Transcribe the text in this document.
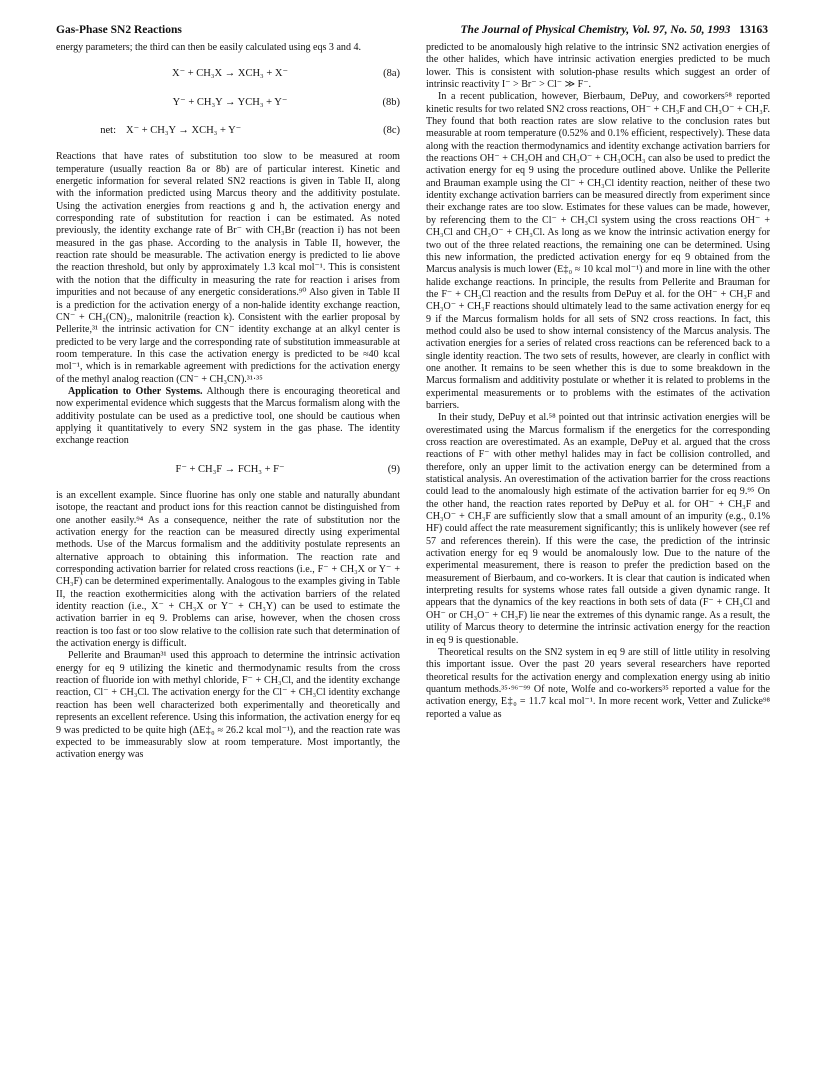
Gas-Phase SN2 Reactions	The Journal of Physical Chemistry, Vol. 97, No. 50, 1993 13163

energy parameters; the third can then be easily calculated using eqs 3 and 4.

X⁻ + CH₃X → XCH₃ + X⁻	(8a)
Y⁻ + CH₃Y → YCH₃ + Y⁻	(8b)
net: X⁻ + CH₃Y → XCH₃ + Y⁻	(8c)

Reactions that have rates of substitution too slow to be measured at room temperature (usually reaction 8a or 8b) are of particular interest. Kinetic and energetic information for several related SN2 reactions is given in Table II, along with the information predicted using Marcus theory and the additivity postulate. Using the activation energies from reactions g and h, the activation energy and corresponding rate of substitution for reaction i can be estimated. As noted previously, the identity exchange rate of Br⁻ with CH₃Br (reaction i) has not been measured in the gas phase. According to the analysis in Table II, however, the reaction rate should be measurable. The activation energy is predicted to lie above the reaction threshold, but only by approximately 1.3 kcal mol⁻¹. This is consistent with the notion that the difficulty in measuring the rate for reaction i arises from impurities and not because of any energetic considerations.⁹⁰ Also given in Table II is a prediction for the activation energy of a non-halide identity exchange reaction, CN⁻ + CH₂(CN)₂, malonitrile (reaction k). Consistent with the earlier proposal by Pellerite,³¹ the intrinsic activation for CN⁻ identity exchange at an alkyl center is predicted to be very large and the corresponding rate of substitution immeasurable at room temperature. In this case the activation energy is predicted to be ≈40 kcal mol⁻¹, which is in remarkable agreement with predictions for the activation energy of the methyl analog reaction (CN⁻ + CH₃CN).³¹·³⁵

Application to Other Systems. Although there is encouraging theoretical and now experimental evidence which suggests that the Marcus formalism along with the additivity postulate can be used as a predictive tool, one should be cautious when applying it quantitatively to every SN2 system in the gas phase. The identity exchange reaction

F⁻ + CH₃F → FCH₃ + F⁻	(9)

is an excellent example. Since fluorine has only one stable and naturally abundant isotope, the reactant and product ions for this reaction cannot be distinguished from one another easily.⁹⁴ As a consequence, neither the rate of substitution nor the activation energy for the reaction can be measured directly using experimental methods. Use of the Marcus formalism and the additivity postulate represents an alternative approach to obtaining this information. The reaction rate and corresponding activation barrier for related cross reactions (i.e., F⁻ + CH₃X or Y⁻ + CH₃F) can be determined experimentally. Analogous to the examples giving in Table II, the reaction exothermicities along with the activation barriers of the related identity reaction (i.e., X⁻ + CH₃X or Y⁻ + CH₃Y) can be used to estimate the activation barrier in eq 9. Problems can arise, however, when the chosen cross reaction is too fast or too slow relative to the collision rate such that determination of the activation energy is difficult.

Pellerite and Brauman³¹ used this approach to determine the intrinsic activation energy for eq 9 utilizing the kinetic and thermodynamic results from the cross reaction of fluoride ion with methyl chloride, F⁻ + CH₃Cl, and the identity exchange reaction, Cl⁻ + CH₃Cl. The activation energy for the Cl⁻ + CH₃Cl identity exchange reaction has been well characterized both experimentally and theoretically and represents an excellent reference. Using this information, the activation energy for eq 9 was predicted to be quite high (ΔE‡₀ ≈ 26.2 kcal mol⁻¹), and the reaction rate was expected to be immeasurably slow at room temperature. Most importantly, the activation energy was

predicted to be anomalously high relative to the intrinsic SN2 activation energies of the other halides, which have intrinsic activation energies predicted to be much lower. This is consistent with solution-phase results which suggest an order of intrinsic reactivity I⁻ > Br⁻ > Cl⁻ ≫ F⁻.

In a recent publication, however, Bierbaum, DePuy, and coworkers⁵⁸ reported kinetic results for two related SN2 cross reactions, OH⁻ + CH₃F and CH₃O⁻ + CH₃F. They found that both reaction rates are slow relative to the conclusion rates but measurable at room temperature (0.52% and 0.1% efficient, respectively). These data along with the reaction thermodynamics and identity exchange activation barriers for the reactions OH⁻ + CH₃OH and CH₃O⁻ + CH₃OCH₃ can also be used to predict the activation energy for eq 9 using the procedure outlined above. Unlike the Pellerite and Brauman example using the Cl⁻ + CH₃Cl identity reaction, neither of these two identity exchange activation barriers can be measured directly from experiment since their exchange rates are too slow. Estimates for these values can be made, however, by referencing them to the Cl⁻ + CH₃Cl system using the cross reactions OH⁻ + CH₃Cl and CH₃O⁻ + CH₃Cl. As long as we know the intrinsic activation energy for two out of the three related reactions, the remaining one can be determined. Using this new information, the predicted activation energy for eq 9 obtained from the Marcus analysis is much lower (E‡₀ ≈ 10 kcal mol⁻¹) and more in line with the other halide exchange reactions. In principle, the results from Pellerite and Brauman for the F⁻ + CH₃Cl reaction and the results from DePuy et al. for the OH⁻ + CH₃F and CH₃O⁻ + CH₃F reactions should ultimately lead to the same activation energy for eq 9 if the Marcus formalism holds for all sets of SN2 cross reactions. In fact, this method could also be used to show internal consistency of the Marcus analysis. The activation energies for a series of related cross reactions can be referenced back to a single identity reaction. The two sets of results, however, are clearly in conflict with one another. It remains to be seen whether this is due to some breakdown in the Marcus formalism and additivity postulate or whether it is related to problems in the experimental measurements or to problems with the estimates of the activation barriers.

In their study, DePuy et al.⁵⁸ pointed out that intrinsic activation energies will be overestimated using the Marcus formalism if the energetics for the corresponding cross reaction are overestimated. As an example, DePuy et al. argued that the cross reactions of F⁻ with other methyl halides may in fact be collision controlled, and therefore, only an upper limit to the activation energy can be determined from a statistical analysis. An overestimation of the activation barrier for the cross reactions could lead to the anomalously high estimate of the activation barrier for eq 9.⁹⁵ On the other hand, the reaction rates reported by DePuy et al. for OH⁻ + CH₃F and CH₃O⁻ + CH₃F are sufficiently slow that a small amount of an impurity (e.g., 0.1% HF) could affect the rate measurement significantly; this is unlikely however (see ref 57 and references therein). If this were the case, the prediction of the intrinsic activation energy for eq 9 would be anomalously low. Due to the nature of the experimental measurement, there is reason to prefer the prediction based on the measurement of Bierbaum, and co-workers. It is clear that caution is indicated when interpreting results for systems whose rates fall outside a given dynamic range. It appears that the dynamics of the key reactions in both sets of data (F⁻ + CH₃Cl and OH⁻ or CH₃O⁻ + CH₃F) lie near the extremes of this dynamic range. As a result, the utility of Marcus theory to determine the intrinsic activation energy for the reaction in eq 9 is questionable.

Theoretical results on the SN2 system in eq 9 are still of little utility in resolving this important issue. Over the past 20 years several researchers have reported theoretical results for the activation energy and complexation energy using ab initio quantum methods.³⁵·⁹⁶⁻⁹⁹ Of note, Wolfe and co-workers³⁵ reported a value for the activation energy, E‡₀ = 11.7 kcal mol⁻¹. In more recent work, Vetter and Zulicke⁹⁸ reported a value as
